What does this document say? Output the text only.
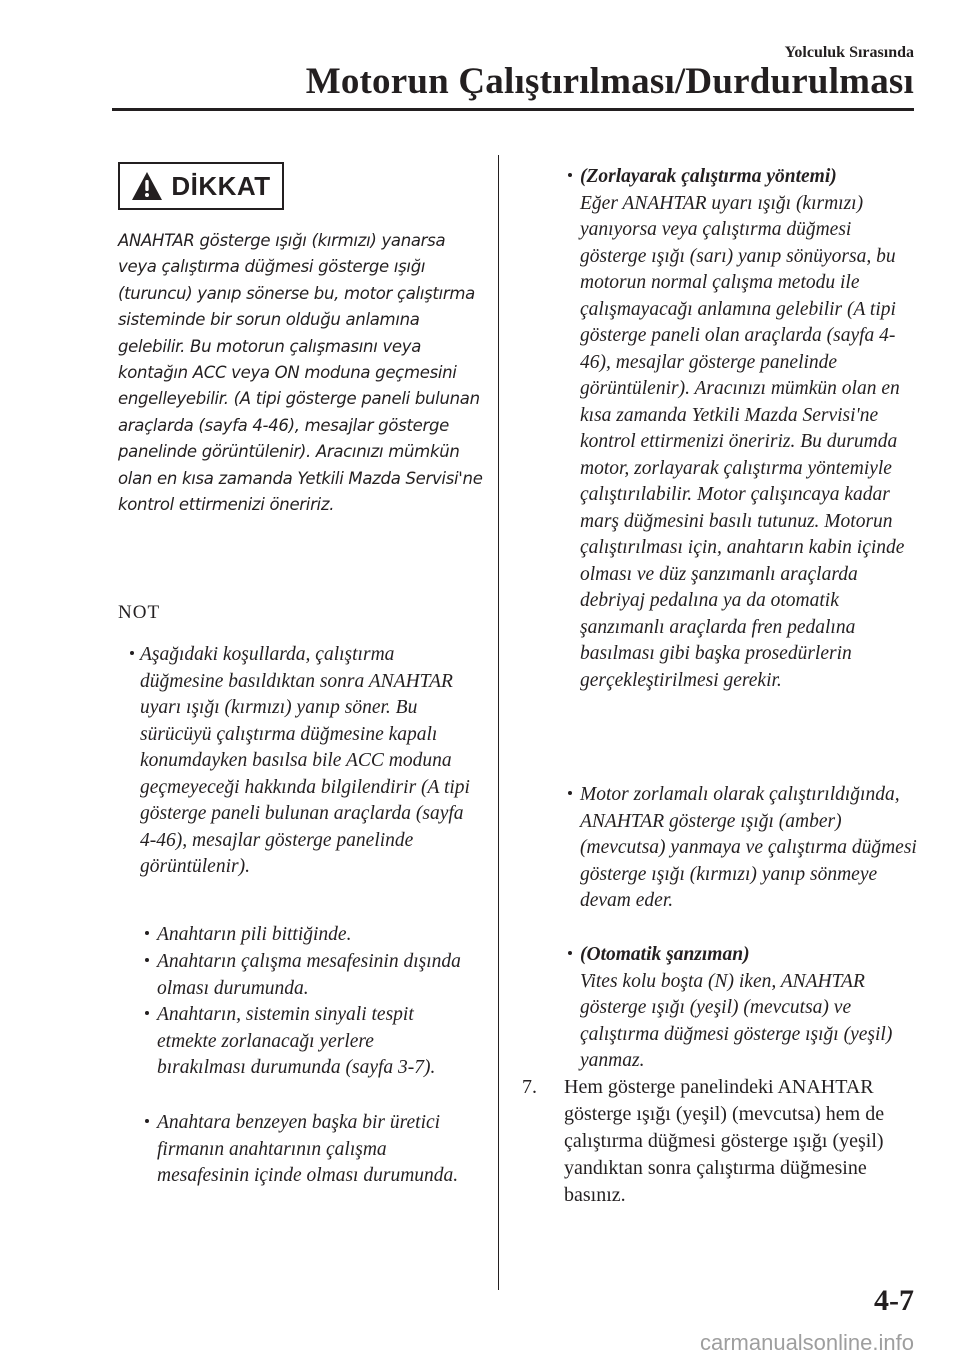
Yolculuk Sırasında
Motorun Çalıştırılması/Durdurulması
DİKKAT
ANAHTAR gösterge ışığı (kırmızı) yanarsa veya çalıştırma düğmesi gösterge ışığı (turuncu) yanıp sönerse bu, motor çalıştırma sisteminde bir sorun olduğu anlamına gelebilir. Bu motorun çalışmasını veya kontağın ACC veya ON moduna geçmesini engelleyebilir. (A tipi gösterge paneli bulunan araçlarda (sayfa 4-46), mesajlar gösterge panelinde görüntülenir). Aracınızı mümkün olan en kısa zamanda Yetkili Mazda Servisi'ne kontrol ettirmenizi öneririz.
NOT
Aşağıdaki koşullarda, çalıştırma düğmesine basıldıktan sonra ANAHTAR uyarı ışığı (kırmızı) yanıp söner. Bu sürücüyü çalıştırma düğmesine kapalı konumdayken basılsa bile ACC moduna geçmeyeceği hakkında bilgilendirir (A tipi gösterge paneli bulunan araçlarda (sayfa 4-46), mesajlar gösterge panelinde görüntülenir).
Anahtarın pili bittiğinde.
Anahtarın çalışma mesafesinin dışında olması durumunda.
Anahtarın, sistemin sinyali tespit etmekte zorlanacağı yerlere bırakılması durumunda (sayfa 3-7).
Anahtara benzeyen başka bir üretici firmanın anahtarının çalışma mesafesinin içinde olması durumunda.
(Zorlayarak çalıştırma yöntemi)
Eğer ANAHTAR uyarı ışığı (kırmızı) yanıyorsa veya çalıştırma düğmesi gösterge ışığı (sarı) yanıp sönüyorsa, bu motorun normal çalışma metodu ile çalışmayacağı anlamına gelebilir (A tipi gösterge paneli olan araçlarda (sayfa 4-46), mesajlar gösterge panelinde görüntülenir). Aracınızı mümkün olan en kısa zamanda Yetkili Mazda Servisi'ne kontrol ettirmenizi öneririz. Bu durumda motor, zorlayarak çalıştırma yöntemiyle çalıştırılabilir. Motor çalışıncaya kadar marş düğmesini basılı tutunuz. Motorun çalıştırılması için, anahtarın kabin içinde olması ve düz şanzımanlı araçlarda debriyaj pedalına ya da otomatik şanzımanlı araçlarda fren pedalına basılması gibi başka prosedürlerin gerçekleştirilmesi gerekir.
Motor zorlamalı olarak çalıştırıldığında, ANAHTAR gösterge ışığı (amber) (mevcutsa) yanmaya ve çalıştırma düğmesi gösterge ışığı (kırmızı) yanıp sönmeye devam eder.
(Otomatik şanzıman)
Vites kolu boşta (N) iken, ANAHTAR gösterge ışığı (yeşil) (mevcutsa) ve çalıştırma düğmesi gösterge ışığı (yeşil) yanmaz.
7. Hem gösterge panelindeki ANAHTAR gösterge ışığı (yeşil) (mevcutsa) hem de çalıştırma düğmesi gösterge ışığı (yeşil) yandıktan sonra çalıştırma düğmesine basınız.
4-7
carmanualsonline.info
